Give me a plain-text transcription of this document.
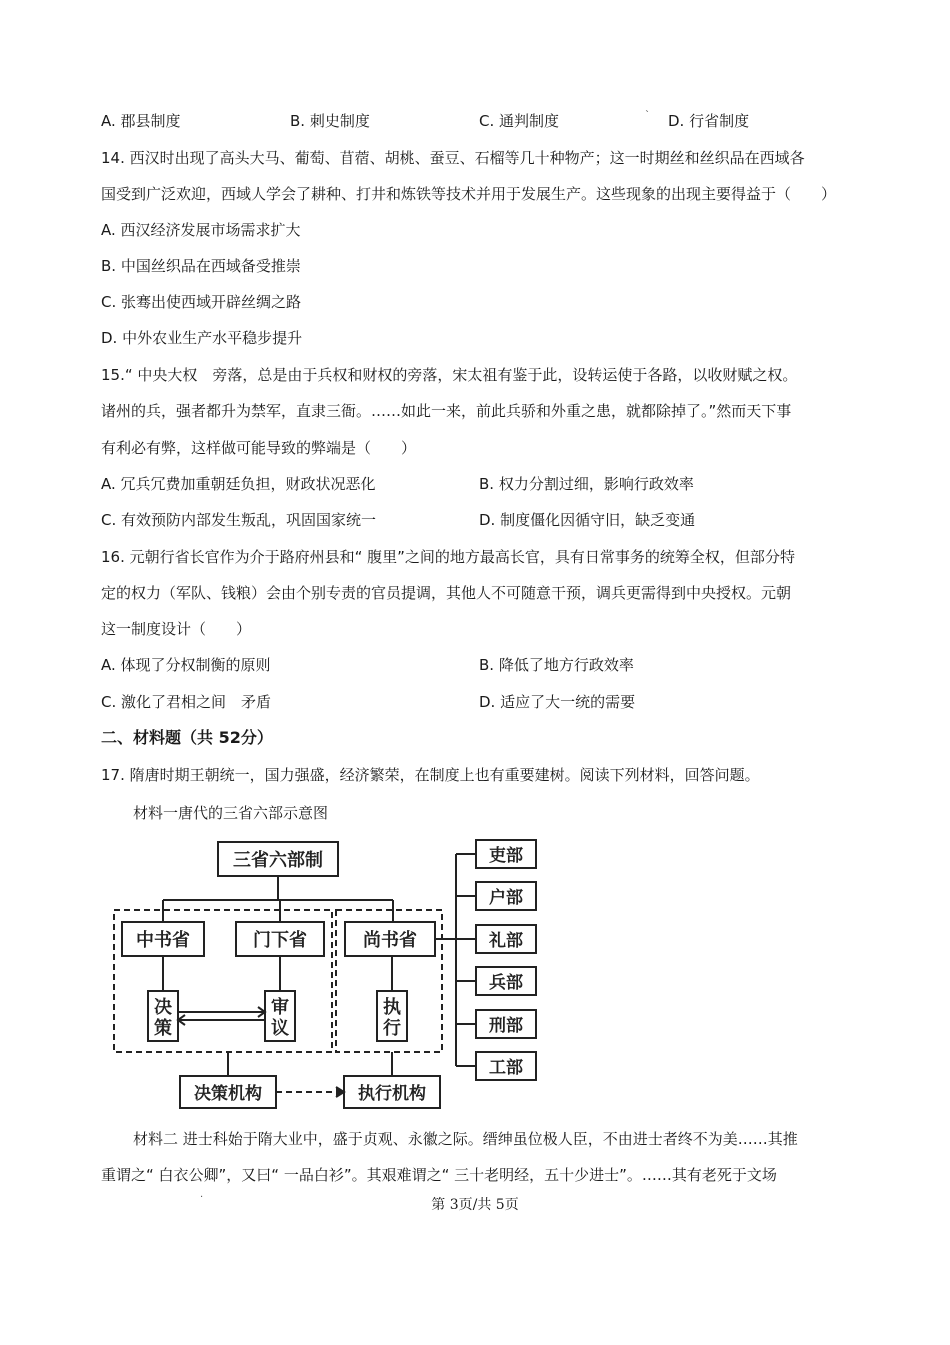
A. 郡县制度	B. 刺史制度	C. 通判制度	D. 行省制度
14. 西汉时出现了高头大马、葡萄、苜蓿、胡桃、蚕豆、石榴等几十种物产；这一时期丝和丝织品在西域各
国受到广泛欢迎，西域人学会了耕种、打井和炼铁等技术并用于发展生产。这些现象的出现主要得益于（　　）
A. 西汉经济发展市场需求扩大
B. 中国丝织品在西域备受推崇
C. 张骞出使西域开辟丝绸之路
D. 中外农业生产水平稳步提升
15.“ 中央大权　旁落，总是由于兵权和财权的旁落，宋太祖有鉴于此，设转运使于各路，以收财赋之权。
诸州的兵，强者都升为禁军，直隶三衙。……如此一来，前此兵骄和外重之患，就都除掉了。”然而天下事
有利必有弊，这样做可能导致的弊端是（　　）
A. 冗兵冗费加重朝廷负担，财政状况恶化	B. 权力分割过细，影响行政效率
C. 有效预防内部发生叛乱，巩固国家统一	D. 制度僵化因循守旧，缺乏变通
16. 元朝行省长官作为介于路府州县和“ 腹里”之间的地方最高长官，具有日常事务的统筹全权，但部分特
定的权力（军队、钱粮）会由个别专责的官员提调，其他人不可随意干预，调兵更需得到中央授权。元朝
这一制度设计（　　）
A. 体现了分权制衡的原则	B. 降低了地方行政效率
C. 激化了君相之间　矛盾	D. 适应了大一统的需要
二、材料题（共 52分）
17. 隋唐时期王朝统一，国力强盛，经济繁荣，在制度上也有重要建树。阅读下列材料，回答问题。
材料一唐代的三省六部示意图
三省六部制
中书省	门下省	尚书省
决策机构	执行机构
吏部
户部
礼部
兵部
刑部
工部
决策
审议
执行
材料二 进士科始于隋大业中，盛于贞观、永徽之际。缙绅虽位极人臣，不由进士者终不为美……其推
重谓之“ 白衣公卿”，又曰“ 一品白衫”。其艰难谓之“ 三十老明经，五十少进士”。……其有老死于文场
ˋ
·	第 3页/共 5页
